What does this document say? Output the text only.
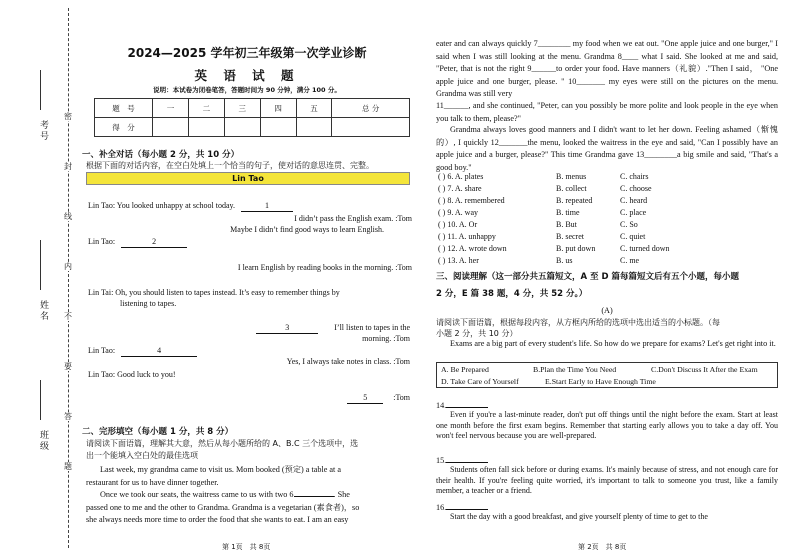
考号
姓名
班级
密
封
线
内
不
要
答
题
2024—2025 学年初三年级第一次学业诊断
英 语 试 题
说明：本试卷为闭卷笔答，答题时间为 90 分钟，满分 100 分。
题　号	一	二	三	四	五	总 分
得　分						
一、补全对话（每小题 2 分，共 10 分）
根据下面的对话内容，在空白处填上一个恰当的句子，使对话的意思连贯、完整。
Lin Tao
Lin Tao: You looked unhappy at school today.	1
I didn’t pass the English exam. :Tom
Maybe I didn’t find good ways to learn English.
Lin Tao:	2
I learn English by reading books in the morning. :Tom
Lin Tai: Oh, you should listen to tapes instead. It’s easy to remember things by
listening to tapes.
3	I’ll listen to tapes in the
morning. :Tom
Lin Tao:	4
Yes, I always take notes in class. :Tom
Lin Tao: Good luck to you!
5	:Tom
二、完形填空（每小题 1 分，共 8 分）
请阅读下面语篇，理解其大意，然后从每小题所给的 A、B.C 三个选项中，选
出一个能填入空白处的最佳选项
Last week, my grandma came to visit us. Mom booked (预定) a table at a
restaurant for us to have dinner together.
Once we took our seats, the waitress came to us with two 6	. She
passed one to me and the other to Grandma. Grandma is a vegetarian (素食者)，so
she always needs more time to order the food that she wants to eat. I am an easy
第 1页　共 8页
eater and can always quickly 7________ my food when we eat out. "One apple juice and one burger," I said when I was still looking at the menu. Grandma 8____ what I said. She looked at me and said, "Peter, that is not the right 9______to order your food. Have manners（礼貌）."Then I said， "One apple juice and one burger, please. " 10_______ my eyes were still on the pictures on the menu. Grandma was still very
11______, and she continued, "Peter, can you possibly be more polite and look people in the eye when you talk to them, please?"
Grandma always loves good manners and I didn't want to let her down. Feeling ashamed（惭愧的）, I quickly 12_______the menu, looked the waitress in the eye and said, "Can I possibly have an apple juice and a burger, please?" This time Grandma gave 13________a big smile and said, "That's a good boy."
( ) 6. A. plates	B. menus	C. chairs
( ) 7. A. share	B. collect	C. choose
( ) 8. A. remembered	B. repeated	C. heard
( ) 9. A. way	B. time	C. place
( ) 10. A. Or	B. But	C. So
( ) 11. A. unhappy	B. secret	C. quiet
( ) 12. A. wrote down	B. put down	C. turned down
( ) 13. A. her	B. us	C. me
三、阅读理解（这一部分共五篇短文，A 至 D 篇每篇短文后有五个小题，每小题
2 分，E 篇 38 题，4 分，共 52 分。）
(A)
请阅读下面语篇，根据每段内容，从方框内所给的选项中选出适当的小标题。（每
小题 2 分，共 10 分）
Exams are a big part of every student's life. So how do we prepare for exams? Let's get right into it.
A. Be Prepared	B.Plan the Time You Need	C.Don't Discuss It After the Exam
D. Take Care of Yourself	E.Start Early to Have Enough Time
14.
Even if you're a last-minute reader, don't put off things until the night before the exam. Start at least one month before the first exam begins. Remember that starting early allows you to take a day off. You won't feel nervous because you are well-prepared.
15.
Students often fall sick before or during exams. It's mainly because of stress, and not enough care for their health. If you're feeling quite worried, it's important to talk to someone you trust, like a family member, a teacher or a friend.
16.
Start the day with a good breakfast, and give yourself plenty of time to get to the
第 2页　共 8页
